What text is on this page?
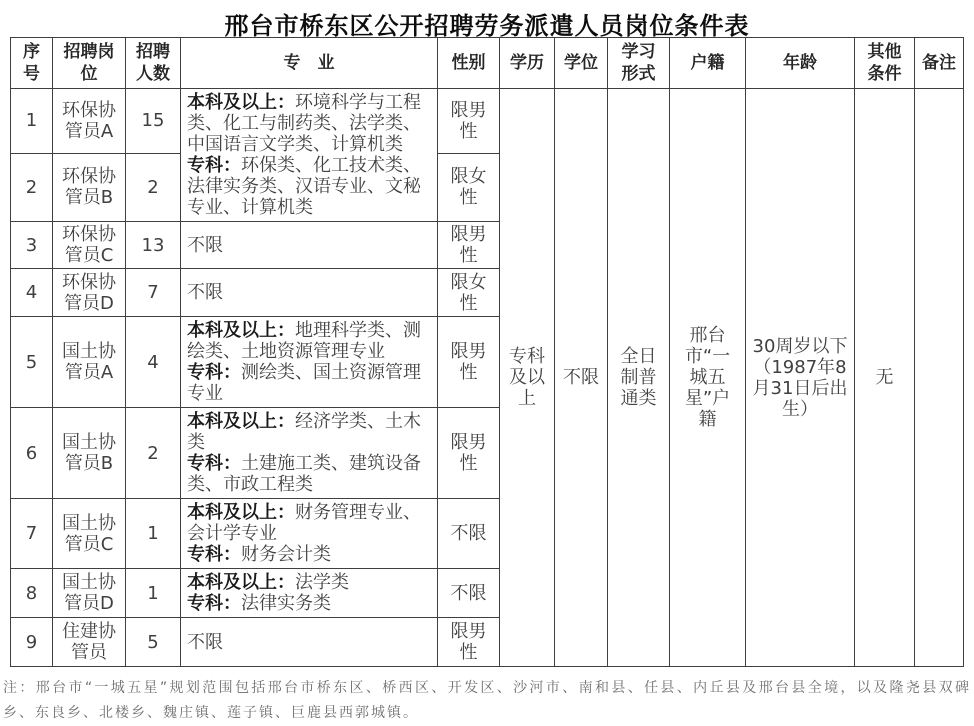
邢台市桥东区公开招聘劳务派遣人员岗位条件表
序号	招聘岗位	招聘人数	专　业	性别	学历	学位	学习形式	户籍	年龄	其他条件	备注
1	环保协管员A	15	本科及以上：环境科学与工程类、化工与制药类、法学类、中国语言文学类、计算机类

专科：环保类、化工技术类、法律实务类、汉语专业、文秘专业、计算机类	限男性	专科及以上	不限	全日制普通类	邢台市“一城五星”户籍	30周岁以下（1987年8月31日后出生）	无	
2	环保协管员B	2		限女性							
3	环保协管员C	13	不限	限男性							
4	环保协管员D	7	不限	限女性							
5	国土协管员A	4	本科及以上：地理科学类、测绘类、土地资源管理专业

专科：测绘类、国土资源管理专业	限男性							
6	国土协管员B	2	本科及以上：经济学类、土木类

专科：土建施工类、建筑设备类、市政工程类	限男性							
7	国土协管员C	1	本科及以上：财务管理专业、会计学专业

专科：财务会计类	不限							
8	国土协管员D	1	本科及以上：法学类

专科：法律实务类	不限							
9	住建协管员	5	不限	限男性							
注：邢台市“一城五星”规划范围包括邢台市桥东区、桥西区、开发区、沙河市、南和县、任县、内丘县及邢台县全境，以及隆尧县双碑乡、东良乡、北楼乡、魏庄镇、莲子镇、巨鹿县西郭城镇。
